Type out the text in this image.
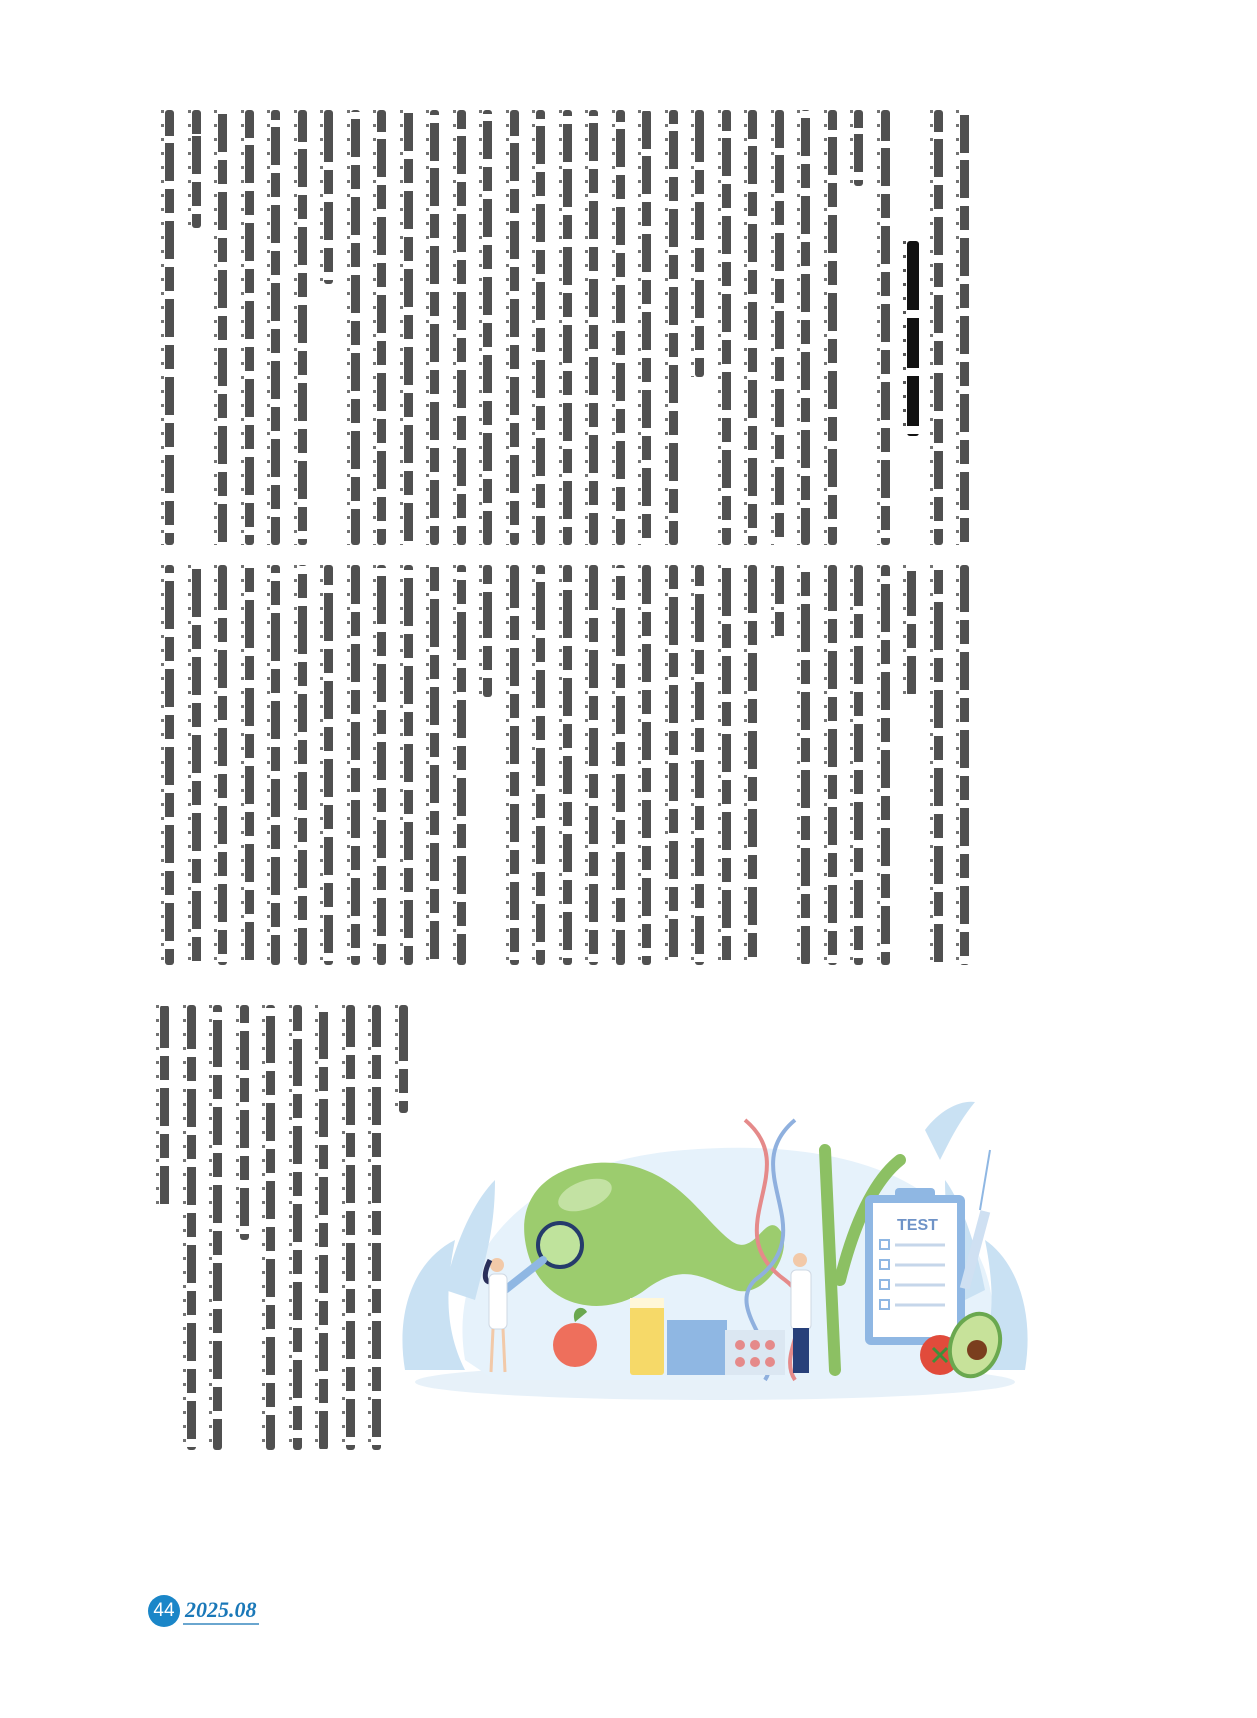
TEST
44 2025.08
